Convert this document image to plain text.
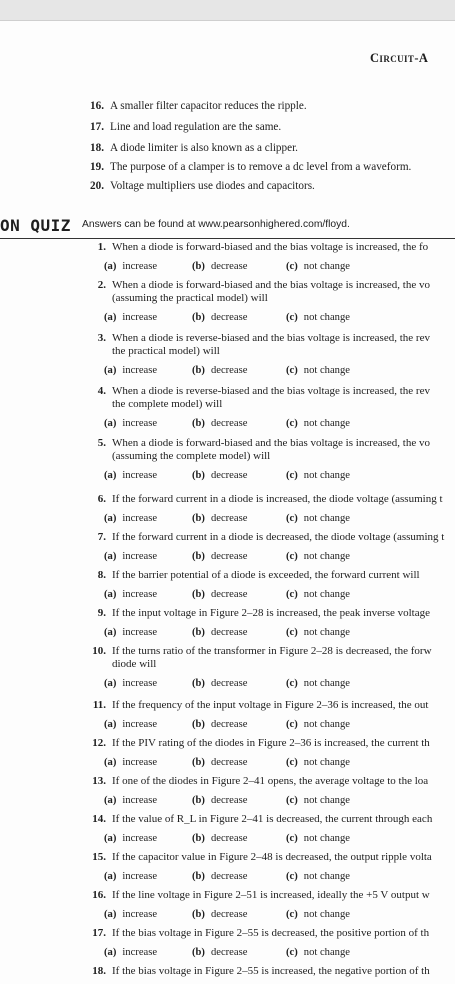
Circuit-A
16. A smaller filter capacitor reduces the ripple.
17. Line and load regulation are the same.
18. A diode limiter is also known as a clipper.
19. The purpose of a clamper is to remove a dc level from a waveform.
20. Voltage multipliers use diodes and capacitors.
ON QUIZ Answers can be found at www.pearsonhighered.com/floyd.
1. When a diode is forward-biased and the bias voltage is increased, the fo
(a) increase	(b) decrease	(c) not change
2. When a diode is forward-biased and the bias voltage is increased, the vo
(assuming the practical model) will
(a) increase	(b) decrease	(c) not change
3. When a diode is reverse-biased and the bias voltage is increased, the rev
the practical model) will
(a) increase	(b) decrease	(c) not change
4. When a diode is reverse-biased and the bias voltage is increased, the rev
the complete model) will
(a) increase	(b) decrease	(c) not change
5. When a diode is forward-biased and the bias voltage is increased, the vo
(assuming the complete model) will
(a) increase	(b) decrease	(c) not change
6. If the forward current in a diode is increased, the diode voltage (assuming t
(a) increase	(b) decrease	(c) not change
7. If the forward current in a diode is decreased, the diode voltage (assuming t
(a) increase	(b) decrease	(c) not change
8. If the barrier potential of a diode is exceeded, the forward current will
(a) increase	(b) decrease	(c) not change
9. If the input voltage in Figure 2–28 is increased, the peak inverse voltage
(a) increase	(b) decrease	(c) not change
10. If the turns ratio of the transformer in Figure 2–28 is decreased, the forw
diode will
(a) increase	(b) decrease	(c) not change
11. If the frequency of the input voltage in Figure 2–36 is increased, the out
(a) increase	(b) decrease	(c) not change
12. If the PIV rating of the diodes in Figure 2–36 is increased, the current th
(a) increase	(b) decrease	(c) not change
13. If one of the diodes in Figure 2–41 opens, the average voltage to the loa
(a) increase	(b) decrease	(c) not change
14. If the value of R_L in Figure 2–41 is decreased, the current through each
(a) increase	(b) decrease	(c) not change
15. If the capacitor value in Figure 2–48 is decreased, the output ripple volta
(a) increase	(b) decrease	(c) not change
16. If the line voltage in Figure 2–51 is increased, ideally the +5 V output w
(a) increase	(b) decrease	(c) not change
17. If the bias voltage in Figure 2–55 is decreased, the positive portion of th
(a) increase	(b) decrease	(c) not change
18. If the bias voltage in Figure 2–55 is increased, the negative portion of th
